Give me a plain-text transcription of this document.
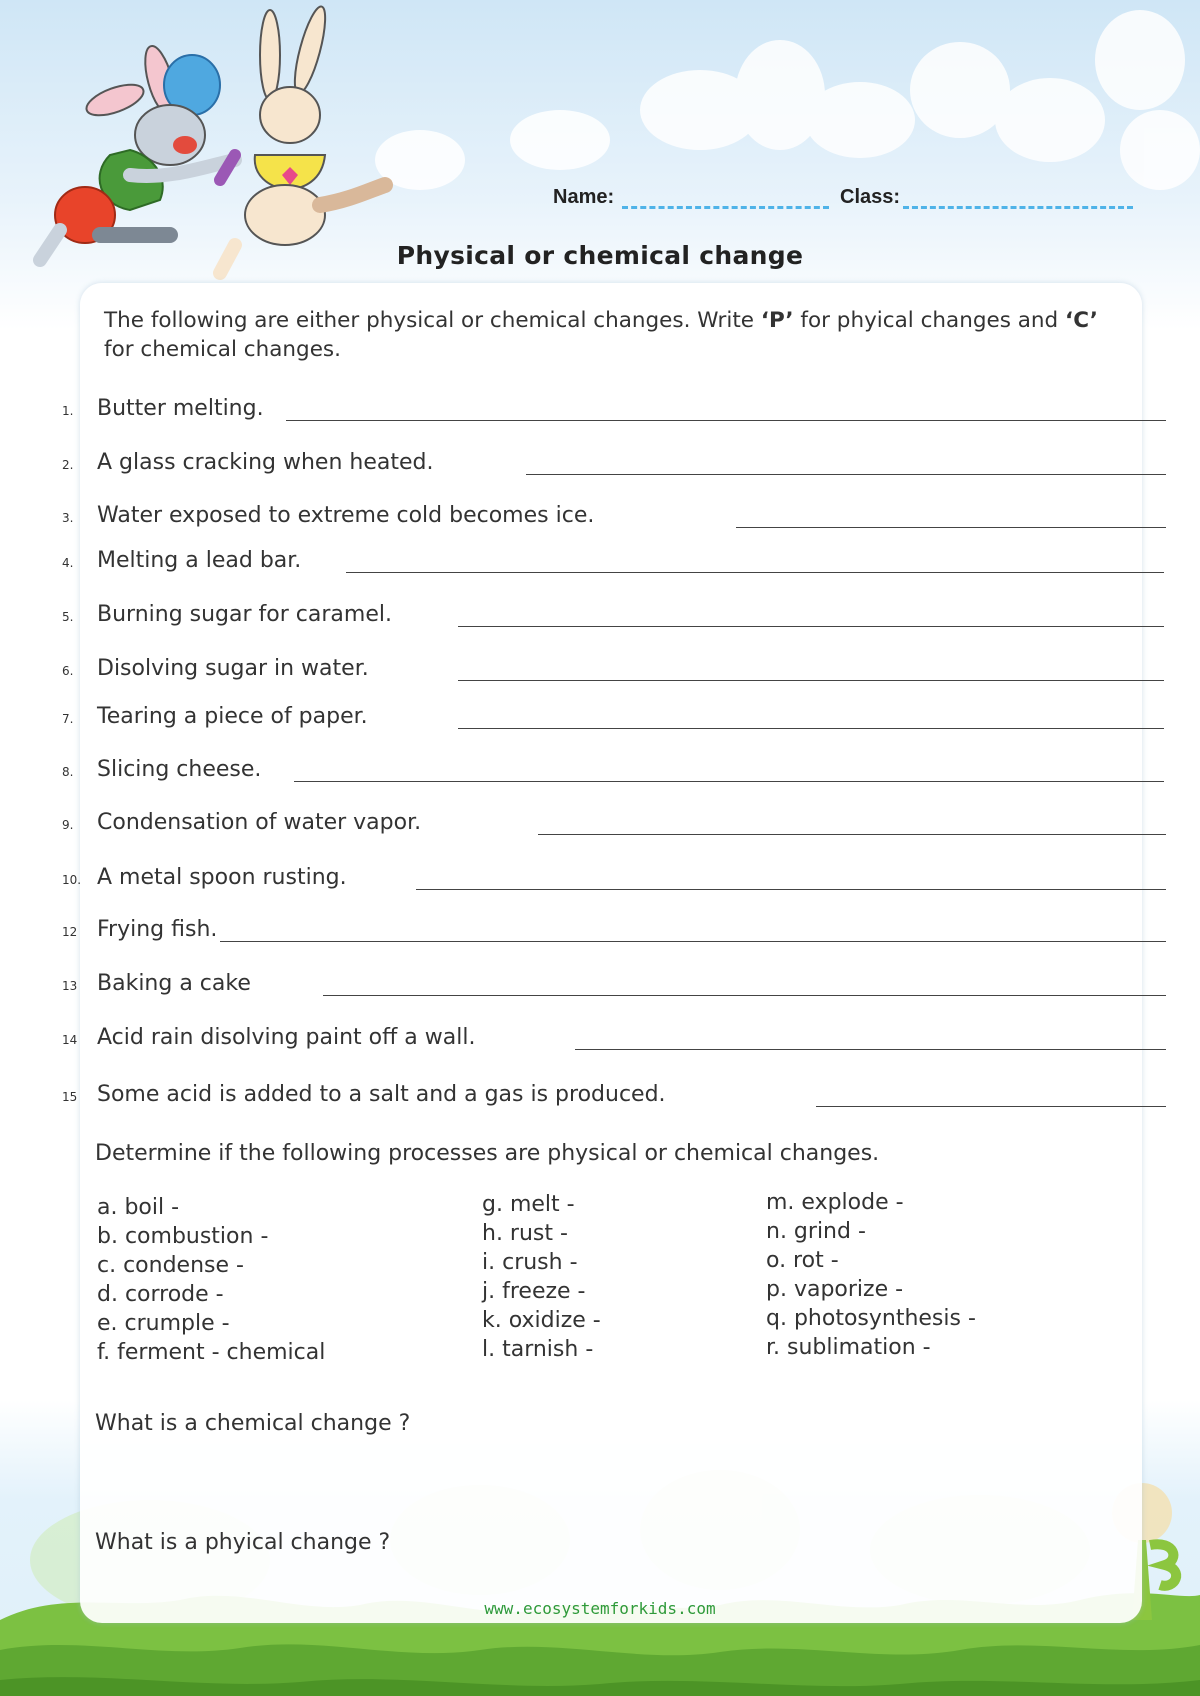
Name:	Class:
Physical or chemical change
The following are either physical or chemical changes. Write ‘P’ for phyical changes and ‘C’
for chemical changes.
1. Butter melting.
2. A glass cracking when heated.
3. Water exposed to extreme cold becomes ice.
4. Melting a lead bar.
5. Burning sugar for caramel.
6. Disolving sugar in water.
7. Tearing a piece of paper.
8. Slicing cheese.
9. Condensation of water vapor.
10. A metal spoon rusting.
12 Frying fish.
13 Baking a cake
14 Acid rain disolving paint off a wall.
15 Some acid is added to a salt and a gas is produced.
Determine if the following processes are physical or chemical changes.
a. boil -
b. combustion -
c. condense -
d. corrode -
e. crumple -
f. ferment - chemical
g. melt -
h. rust -
i. crush -
j. freeze -
k. oxidize -
l. tarnish -
m. explode -
n. grind -
o. rot -
p. vaporize -
q. photosynthesis -
r. sublimation -
What is a chemical change ?
What is a phyical change ?
www.ecosystemforkids.com
